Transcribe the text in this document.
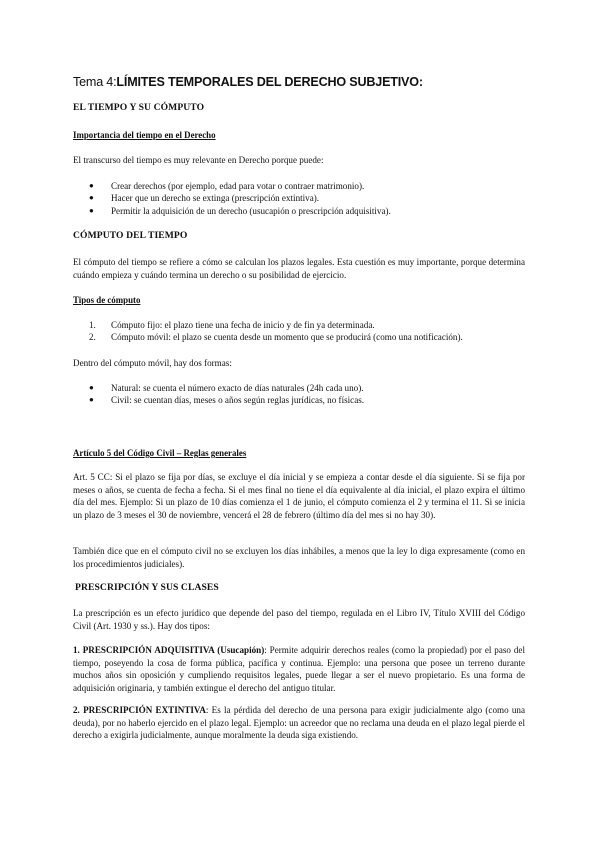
Tema 4:LÍMITES TEMPORALES DEL DERECHO SUBJETIVO:
EL TIEMPO Y SU CÓMPUTO
Importancia del tiempo en el Derecho
El transcurso del tiempo es muy relevante en Derecho porque puede:
● Crear derechos (por ejemplo, edad para votar o contraer matrimonio).
● Hacer que un derecho se extinga (prescripción extintiva).
● Permitir la adquisición de un derecho (usucapión o prescripción adquisitiva).
CÓMPUTO DEL TIEMPO
El cómputo del tiempo se refiere a cómo se calculan los plazos legales. Esta cuestión es muy importante, porque determina cuándo empieza y cuándo termina un derecho o su posibilidad de ejercicio.
Tipos de cómputo
1. Cómputo fijo: el plazo tiene una fecha de inicio y de fin ya determinada.
2. Cómputo móvil: el plazo se cuenta desde un momento que se producirá (como una notificación).
Dentro del cómputo móvil, hay dos formas:
● Natural: se cuenta el número exacto de días naturales (24h cada uno).
● Civil: se cuentan días, meses o años según reglas jurídicas, no físicas.
Artículo 5 del Código Civil – Reglas generales
Art. 5 CC: Si el plazo se fija por días, se excluye el día inicial y se empieza a contar desde el día siguiente. Si se fija por meses o años, se cuenta de fecha a fecha. Si el mes final no tiene el día equivalente al día inicial, el plazo expira el último día del mes. Ejemplo: Si un plazo de 10 días comienza el 1 de junio, el cómputo comienza el 2 y termina el 11. Si se inicia un plazo de 3 meses el 30 de noviembre, vencerá el 28 de febrero (último día del mes si no hay 30).
También dice que en el cómputo civil no se excluyen los días inhábiles, a menos que la ley lo diga expresamente (como en los procedimientos judiciales).
PRESCRIPCIÓN Y SUS CLASES
La prescripción es un efecto jurídico que depende del paso del tiempo, regulada en el Libro IV, Título XVIII del Código Civil (Art. 1930 y ss.). Hay dos tipos:
1. PRESCRIPCIÓN ADQUISITIVA (Usucapión): Permite adquirir derechos reales (como la propiedad) por el paso del tiempo, poseyendo la cosa de forma pública, pacífica y continua. Ejemplo: una persona que posee un terreno durante muchos años sin oposición y cumpliendo requisitos legales, puede llegar a ser el nuevo propietario. Es una forma de adquisición originaria, y también extingue el derecho del antiguo titular.
2. PRESCRIPCIÓN EXTINTIVA: Es la pérdida del derecho de una persona para exigir judicialmente algo (como una deuda), por no haberlo ejercido en el plazo legal. Ejemplo: un acreedor que no reclama una deuda en el plazo legal pierde el derecho a exigirla judicialmente, aunque moralmente la deuda siga existiendo.
